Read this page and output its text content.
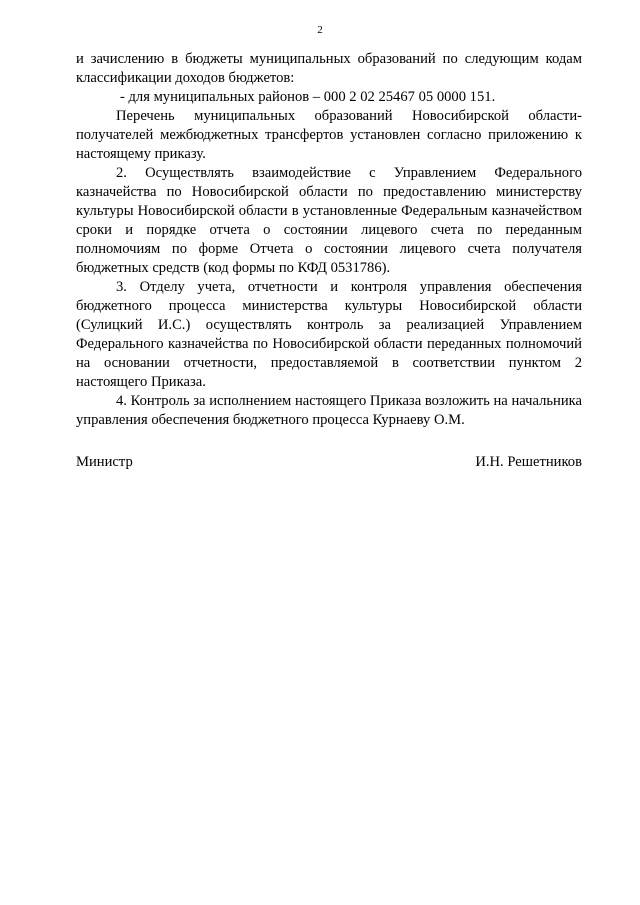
2

и зачислению в бюджеты муниципальных образований по следующим кодам классификации доходов бюджетов:

- для муниципальных районов – 000 2 02 25467 05 0000 151.

Перечень муниципальных образований Новосибирской области-получателей межбюджетных трансфертов установлен согласно приложению к настоящему приказу.

2. Осуществлять взаимодействие с Управлением Федерального казначейства по Новосибирской области по предоставлению министерству культуры Новосибирской области в установленные Федеральным казначейством сроки и порядке отчета о состоянии лицевого счета по переданным полномочиям по форме Отчета о состоянии лицевого счета получателя бюджетных средств (код формы по КФД 0531786).

3. Отделу учета, отчетности и контроля управления обеспечения бюджетного процесса министерства культуры Новосибирской области (Сулицкий И.С.) осуществлять контроль за реализацией Управлением Федерального казначейства по Новосибирской области переданных полномочий на основании отчетности, предоставляемой в соответствии пунктом 2 настоящего Приказа.

4. Контроль за исполнением настоящего Приказа возложить на начальника управления обеспечения бюджетного процесса Курнаеву О.М.

Министр	И.Н. Решетников
